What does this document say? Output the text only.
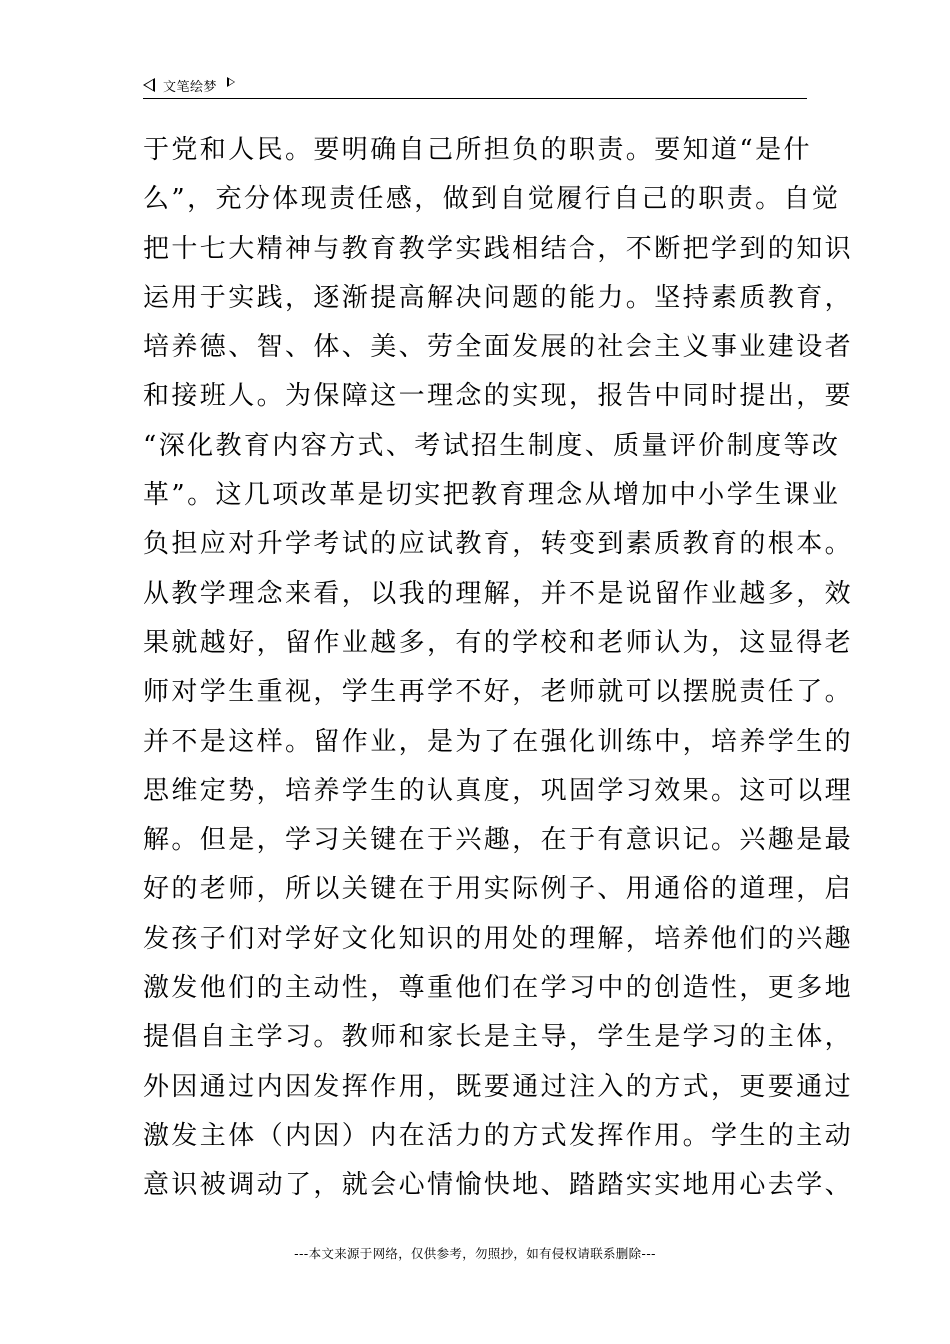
文笔绘梦
于党和人民。要明确自己所担负的职责。要知道“是什
么”，充分体现责任感，做到自觉履行自己的职责。自觉
把十七大精神与教育教学实践相结合，不断把学到的知识
运用于实践，逐渐提高解决问题的能力。坚持素质教育，
培养德、智、体、美、劳全面发展的社会主义事业建设者
和接班人。为保障这一理念的实现，报告中同时提出，要
“深化教育内容方式、考试招生制度、质量评价制度等改
革”。这几项改革是切实把教育理念从增加中小学生课业
负担应对升学考试的应试教育，转变到素质教育的根本。
从教学理念来看，以我的理解，并不是说留作业越多，效
果就越好，留作业越多，有的学校和老师认为，这显得老
师对学生重视，学生再学不好，老师就可以摆脱责任了。
并不是这样。留作业，是为了在强化训练中，培养学生的
思维定势，培养学生的认真度，巩固学习效果。这可以理
解。但是，学习关键在于兴趣，在于有意识记。兴趣是最
好的老师，所以关键在于用实际例子、用通俗的道理，启
发孩子们对学好文化知识的用处的理解，培养他们的兴趣
激发他们的主动性，尊重他们在学习中的创造性，更多地
提倡自主学习。教师和家长是主导，学生是学习的主体，
外因通过内因发挥作用，既要通过注入的方式，更要通过
激发主体（内因）内在活力的方式发挥作用。学生的主动
意识被调动了，就会心情愉快地、踏踏实实地用心去学、
---本文来源于网络，仅供参考，勿照抄，如有侵权请联系删除---
